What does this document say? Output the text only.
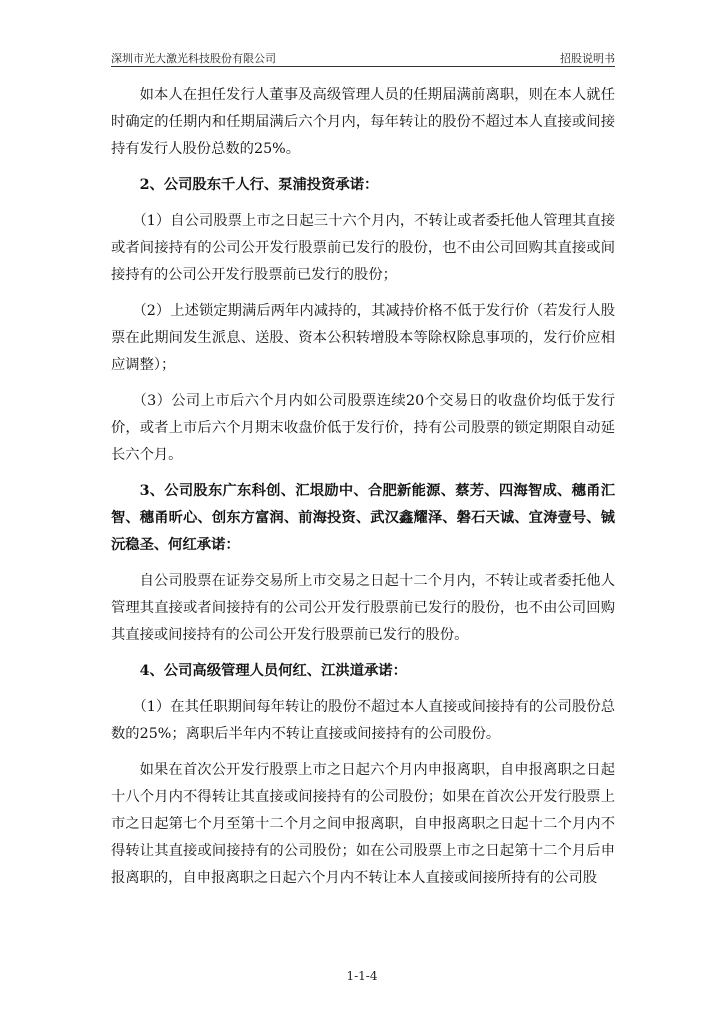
深圳市光大激光科技股份有限公司	招股说明书

如本人在担任发行人董事及高级管理人员的任期届满前离职，则在本人就任时确定的任期内和任期届满后六个月内，每年转让的股份不超过本人直接或间接持有发行人股份总数的25%。

2、公司股东千人行、泵浦投资承诺：

（1）自公司股票上市之日起三十六个月内，不转让或者委托他人管理其直接或者间接持有的公司公开发行股票前已发行的股份，也不由公司回购其直接或间接持有的公司公开发行股票前已发行的股份；

（2）上述锁定期满后两年内减持的，其减持价格不低于发行价（若发行人股票在此期间发生派息、送股、资本公积转增股本等除权除息事项的，发行价应相应调整）；

（3）公司上市后六个月内如公司股票连续20个交易日的收盘价均低于发行价，或者上市后六个月期末收盘价低于发行价，持有公司股票的锁定期限自动延长六个月。

3、公司股东广东科创、汇垠励中、合肥新能源、蔡芳、四海智成、穗甬汇智、穗甬昕心、创东方富润、前海投资、武汉鑫耀泽、磐石天诚、宜涛壹号、铖沅稳圣、何红承诺：

自公司股票在证券交易所上市交易之日起十二个月内，不转让或者委托他人管理其直接或者间接持有的公司公开发行股票前已发行的股份，也不由公司回购其直接或间接持有的公司公开发行股票前已发行的股份。

4、公司高级管理人员何红、江洪道承诺：

（1）在其任职期间每年转让的股份不超过本人直接或间接持有的公司股份总数的25%；离职后半年内不转让直接或间接持有的公司股份。

如果在首次公开发行股票上市之日起六个月内申报离职，自申报离职之日起十八个月内不得转让其直接或间接持有的公司股份；如果在首次公开发行股票上市之日起第七个月至第十二个月之间申报离职，自申报离职之日起十二个月内不得转让其直接或间接持有的公司股份；如在公司股票上市之日起第十二个月后申报离职的，自申报离职之日起六个月内不转让本人直接或间接所持有的公司股

1-1-4
